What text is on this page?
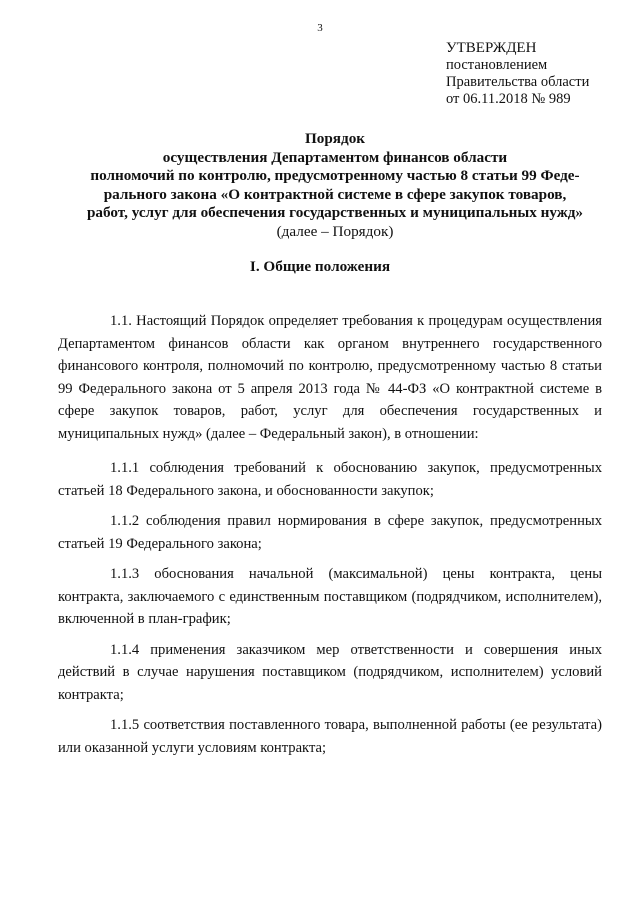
3
УТВЕРЖДЕН
постановлением
Правительства области
от 06.11.2018 № 989
Порядок
осуществления Департаментом финансов области
полномочий по контролю, предусмотренному частью 8 статьи 99 Феде-
рального закона «О контрактной системе в сфере закупок товаров,
работ, услуг для обеспечения государственных и муниципальных нужд»
(далее – Порядок)
I. Общие положения

1.1. Настоящий Порядок определяет требования к процедурам осуществления Департаментом финансов области как органом внутреннего государственного финансового контроля, полномочий по контролю, предусмотренному частью 8 статьи 99 Федерального закона от 5 апреля 2013 года № 44-ФЗ «О контрактной системе в сфере закупок товаров, работ, услуг для обеспечения государственных и муниципальных нужд» (далее – Федеральный закон), в отношении:

1.1.1 соблюдения требований к обоснованию закупок, предусмотренных статьей 18 Федерального закона, и обоснованности закупок;

1.1.2 соблюдения правил нормирования в сфере закупок, предусмотренных статьей 19 Федерального закона;

1.1.3 обоснования начальной (максимальной) цены контракта, цены контракта, заключаемого с единственным поставщиком (подрядчиком, исполнителем), включенной в план-график;

1.1.4 применения заказчиком мер ответственности и совершения иных действий в случае нарушения поставщиком (подрядчиком, исполнителем) условий контракта;

1.1.5 соответствия поставленного товара, выполненной работы (ее результата) или оказанной услуги условиям контракта;
